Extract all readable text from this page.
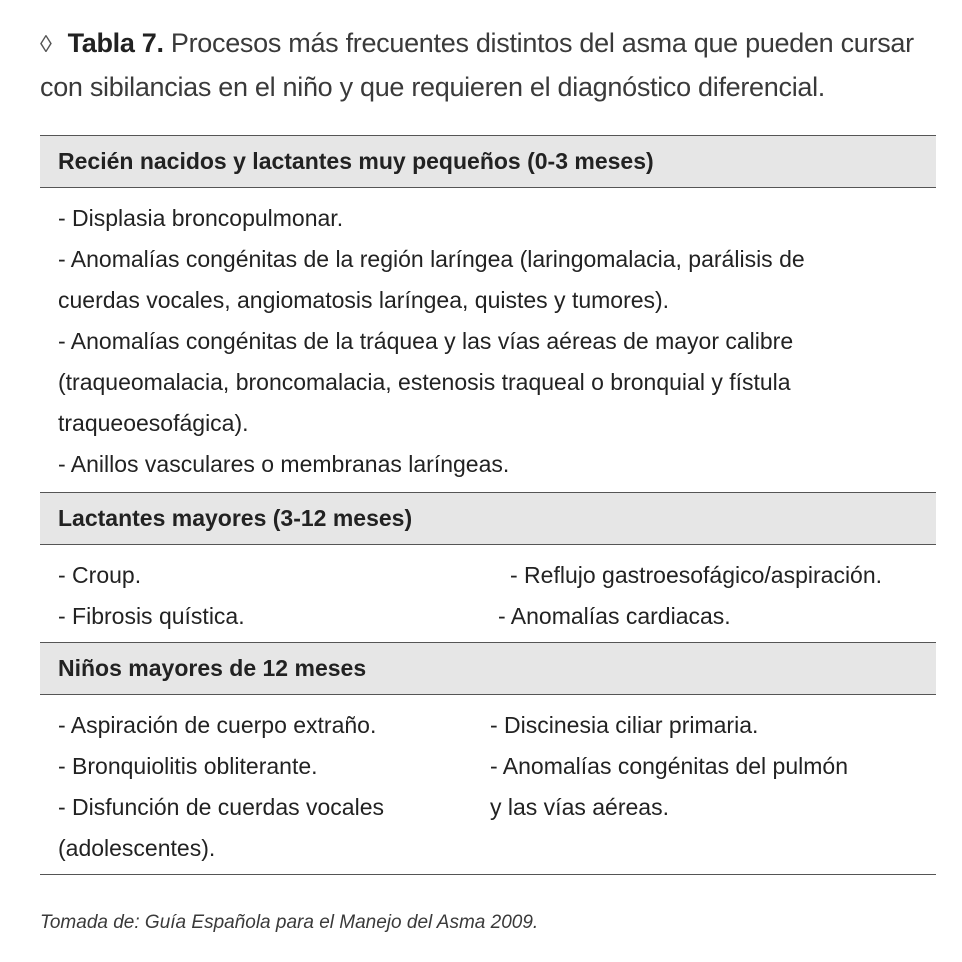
◊ Tabla 7. Procesos más frecuentes distintos del asma que pueden cursar con sibilancias en el niño y que requieren el diagnóstico diferencial.
Recién nacidos y lactantes muy pequeños (0-3 meses)
- Displasia broncopulmonar.
- Anomalías congénitas de la región laríngea (laringomalacia, parálisis de
cuerdas vocales, angiomatosis laríngea, quistes y tumores).
- Anomalías congénitas de la tráquea y las vías aéreas de mayor calibre
(traqueomalacia, broncomalacia, estenosis traqueal o bronquial y fístula
traqueoesofágica).
- Anillos vasculares o membranas laríngeas.
Lactantes mayores (3-12 meses)
- Croup.
- Fibrosis quística.
- Reflujo gastroesofágico/aspiración.
- Anomalías cardiacas.
Niños mayores de 12 meses
- Aspiración de cuerpo extraño.
- Bronquiolitis obliterante.
- Disfunción de cuerdas vocales
(adolescentes).
- Discinesia ciliar primaria.
- Anomalías congénitas del pulmón
y las vías aéreas.
Tomada de: Guía Española para el Manejo del Asma 2009.
